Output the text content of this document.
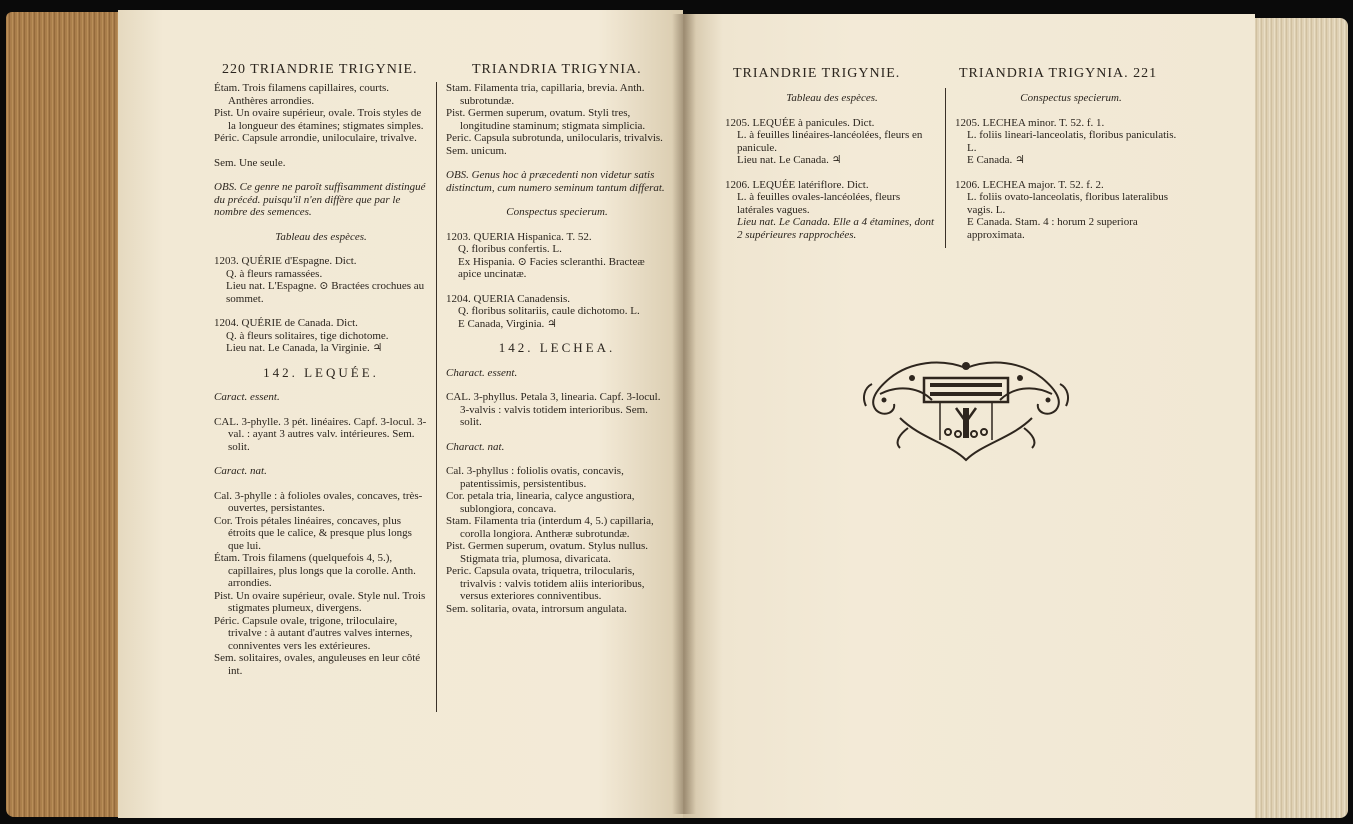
220 TRIANDRIE TRIGYNIE.	TRIANDRIA TRIGYNIA.

Étam. Trois filamens capillaires, courts. Anthères arrondies.

Pist. Un ovaire supérieur, ovale. Trois styles de la longueur des étamines; stigmates simples.

Péric. Capsule arrondie, uniloculaire, trivalve.

Sem. Une seule.

OBS. Ce genre ne paroît suffisamment distingué du précéd. puisqu'il n'en diffère que par le nombre des semences.

Tableau des espèces.

1203. QUÉRIE d'Espagne. Dict.

Q. à fleurs ramassées.

Lieu nat. L'Espagne. ⊙ Bractées crochues au sommet.

1204. QUÉRIE de Canada. Dict.

Q. à fleurs solitaires, tige dichotome.

Lieu nat. Le Canada, la Virginie. ♃

142. LEQUÉE.

Caract. essent.

CAL. 3-phylle. 3 pét. linéaires. Capf. 3-locul. 3-val. : ayant 3 autres valv. intérieures. Sem. solit.

Caract. nat.

Cal. 3-phylle : à folioles ovales, concaves, très-ouvertes, persistantes.

Cor. Trois pétales linéaires, concaves, plus étroits que le calice, & presque plus longs que lui.

Étam. Trois filamens (quelquefois 4, 5.), capillaires, plus longs que la corolle. Anth. arrondies.

Pist. Un ovaire supérieur, ovale. Style nul. Trois stigmates plumeux, divergens.

Péric. Capsule ovale, trigone, triloculaire, trivalve : à autant d'autres valves internes, conniventes vers les extérieures.

Sem. solitaires, ovales, anguleuses en leur côté int.

Stam. Filamenta tria, capillaria, brevia. Anth. subrotundæ.

Pist. Germen superum, ovatum. Styli tres, longitudine staminum; stigmata simplicia.

Peric. Capsula subrotunda, unilocularis, trivalvis.

Sem. unicum.

OBS. Genus hoc à præcedenti non videtur satis distinctum, cum numero seminum tantum differat.

Conspectus specierum.

1203. QUERIA Hispanica. T. 52.

Q. floribus confertis. L.

Ex Hispania. ⊙ Facies scleranthi. Bracteæ apice uncinatæ.

1204. QUERIA Canadensis.

Q. floribus solitariis, caule dichotomo. L.

E Canada, Virginia. ♃

142. LECHEA.

Charact. essent.

CAL. 3-phyllus. Petala 3, linearia. Capf. 3-locul. 3-valvis : valvis totidem interioribus. Sem. solit.

Charact. nat.

Cal. 3-phyllus : foliolis ovatis, concavis, patentissimis, persistentibus.

Cor. petala tria, linearia, calyce angustiora, sublongiora, concava.

Stam. Filamenta tria (interdum 4, 5.) capillaria, corolla longiora. Antheræ subrotundæ.

Pist. Germen superum, ovatum. Stylus nullus. Stigmata tria, plumosa, divaricata.

Peric. Capsula ovata, triquetra, trilocularis, trivalvis : valvis totidem aliis interioribus, versus exteriores conniventibus.

Sem. solitaria, ovata, introrsum angulata.

TRIANDRIE TRIGYNIE.	TRIANDRIA TRIGYNIA. 221

Tableau des espèces.

1205. LEQUÉE à panicules. Dict.

L. à feuilles linéaires-lancéolées, fleurs en panicule.

Lieu nat. Le Canada. ♃

1206. LEQUÉE latériflore. Dict.

L. à feuilles ovales-lancéolées, fleurs latérales vagues.

Lieu nat. Le Canada. Elle a 4 étamines, dont 2 supérieures rapprochées.

Conspectus specierum.

1205. LECHEA minor. T. 52. f. 1.

L. foliis lineari-lanceolatis, floribus paniculatis. L.

E Canada. ♃

1206. LECHEA major. T. 52. f. 2.

L. foliis ovato-lanceolatis, floribus lateralibus vagis. L.

E Canada. Stam. 4 : horum 2 superiora approximata.
